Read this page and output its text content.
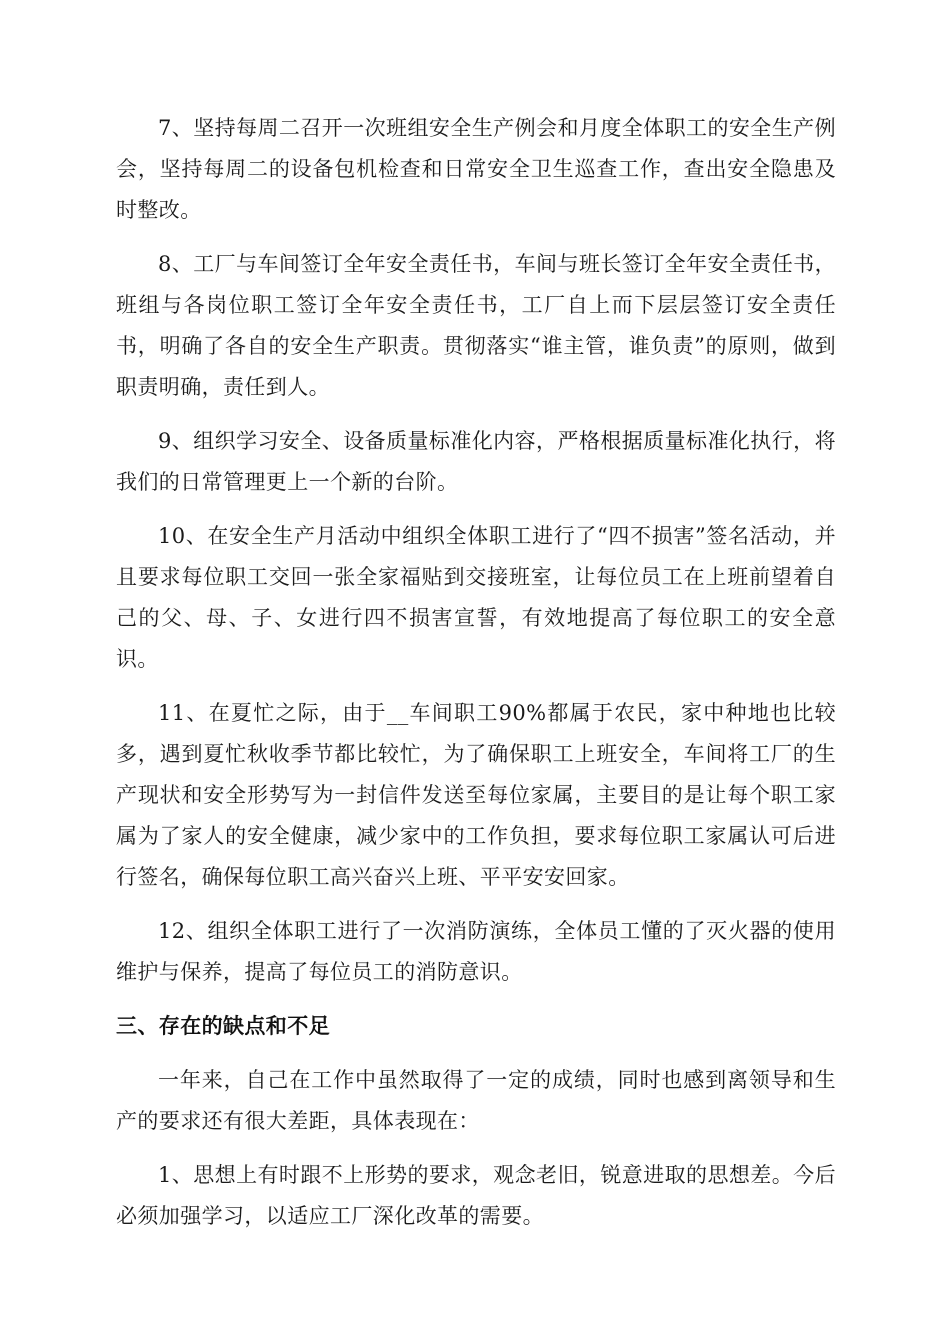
7、坚持每周二召开一次班组安全生产例会和月度全体职工的安全生产例会，坚持每周二的设备包机检查和日常安全卫生巡查工作，查出安全隐患及时整改。

8、工厂与车间签订全年安全责任书，车间与班长签订全年安全责任书，班组与各岗位职工签订全年安全责任书，工厂自上而下层层签订安全责任书，明确了各自的安全生产职责。贯彻落实“谁主管，谁负责”的原则，做到职责明确，责任到人。

9、组织学习安全、设备质量标准化内容，严格根据质量标准化执行，将我们的日常管理更上一个新的台阶。

10、在安全生产月活动中组织全体职工进行了“四不损害”签名活动，并且要求每位职工交回一张全家福贴到交接班室，让每位员工在上班前望着自己的父、母、子、女进行四不损害宣誓，有效地提高了每位职工的安全意识。

11、在夏忙之际，由于__车间职工90%都属于农民，家中种地也比较多，遇到夏忙秋收季节都比较忙，为了确保职工上班安全，车间将工厂的生产现状和安全形势写为一封信件发送至每位家属，主要目的是让每个职工家属为了家人的安全健康，减少家中的工作负担，要求每位职工家属认可后进行签名，确保每位职工高兴奋兴上班、平平安安回家。

12、组织全体职工进行了一次消防演练，全体员工懂的了灭火器的使用维护与保养，提高了每位员工的消防意识。

三、存在的缺点和不足

一年来，自己在工作中虽然取得了一定的成绩，同时也感到离领导和生产的要求还有很大差距，具体表现在：

1、思想上有时跟不上形势的要求，观念老旧，锐意进取的思想差。今后必须加强学习，以适应工厂深化改革的需要。
